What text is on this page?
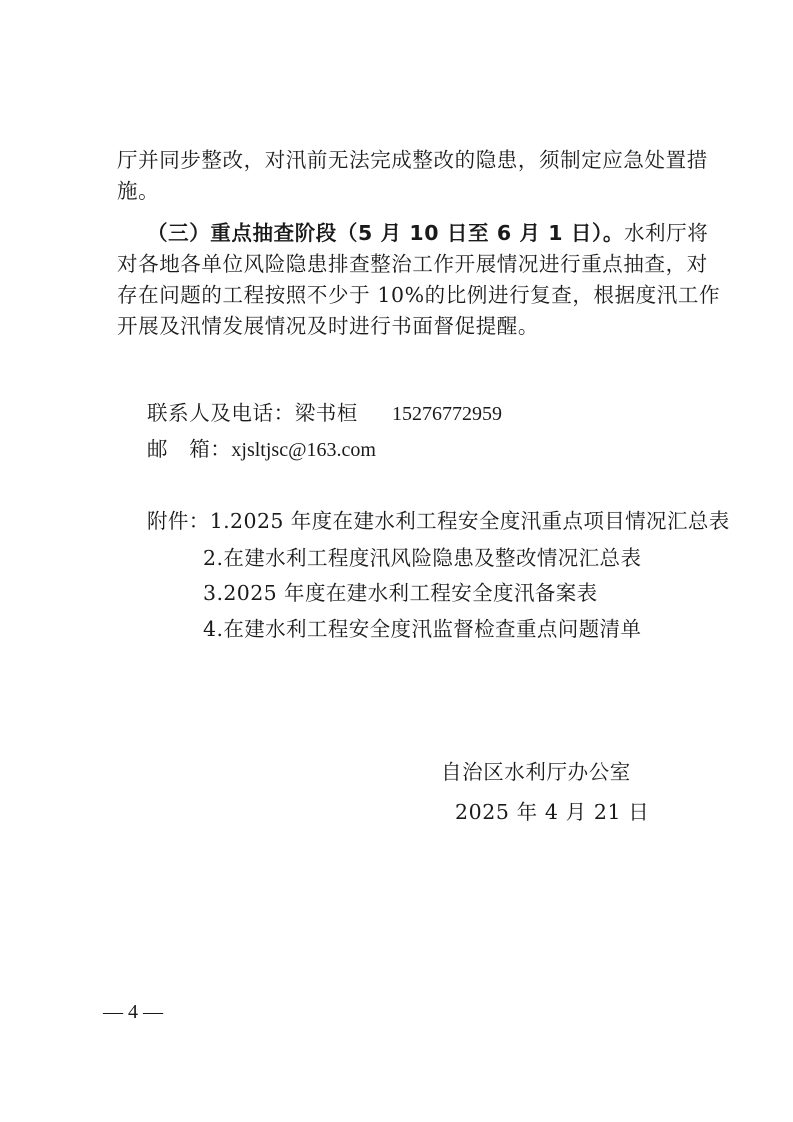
厅并同步整改，对汛前无法完成整改的隐患，须制定应急处置措
施。
（三）重点抽查阶段（5 月 10 日至 6 月 1 日）。 水利厅将
对各地各单位风险隐患排查整治工作开展情况进行重点抽查，对
存在问题的工程按照不少于 10%的比例进行复查，根据度汛工作
开展及汛情发展情况及时进行书面督促提醒。
联系人及电话：梁书桓 15276772959
邮　箱：xjsltjsc@163.com
附件：1.2025 年度在建水利工程安全度汛重点项目情况汇总表
2.在建水利工程度汛风险隐患及整改情况汇总表
3.2025 年度在建水利工程安全度汛备案表
4.在建水利工程安全度汛监督检查重点问题清单
自治区水利厅办公室
2025 年 4 月 21 日
— 4 —
